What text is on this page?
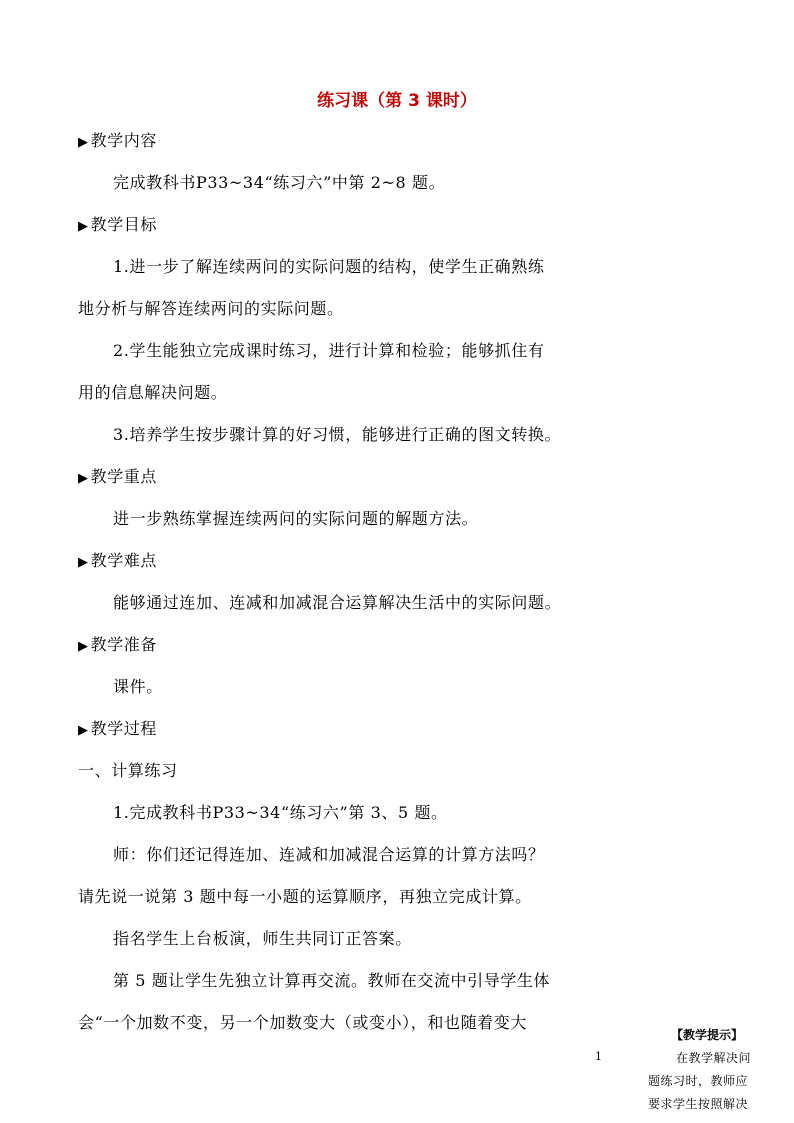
练习课（第 3 课时）
▶ 教学内容
完成教科书P33~34“练习六”中第 2~8 题。
▶ 教学目标
1.进一步了解连续两问的实际问题的结构，使学生正确熟练
地分析与解答连续两问的实际问题。
2.学生能独立完成课时练习，进行计算和检验；能够抓住有
用的信息解决问题。
3.培养学生按步骤计算的好习惯，能够进行正确的图文转换。
▶ 教学重点
进一步熟练掌握连续两问的实际问题的解题方法。
▶ 教学难点
能够通过连加、连减和加减混合运算解决生活中的实际问题。
▶ 教学准备
课件。
▶ 教学过程
一、计算练习
1.完成教科书P33~34“练习六”第 3、5 题。
师：你们还记得连加、连减和加减混合运算的计算方法吗？
请先说一说第 3 题中每一小题的运算顺序，再独立完成计算。
指名学生上台板演，师生共同订正答案。
第 5 题让学生先独立计算再交流。教师在交流中引导学生体
会“一个加数不变，另一个加数变大（或变小），和也随着变大
1
【教学提示】
在教学解决问
题练习时，教师应
要求学生按照解决
